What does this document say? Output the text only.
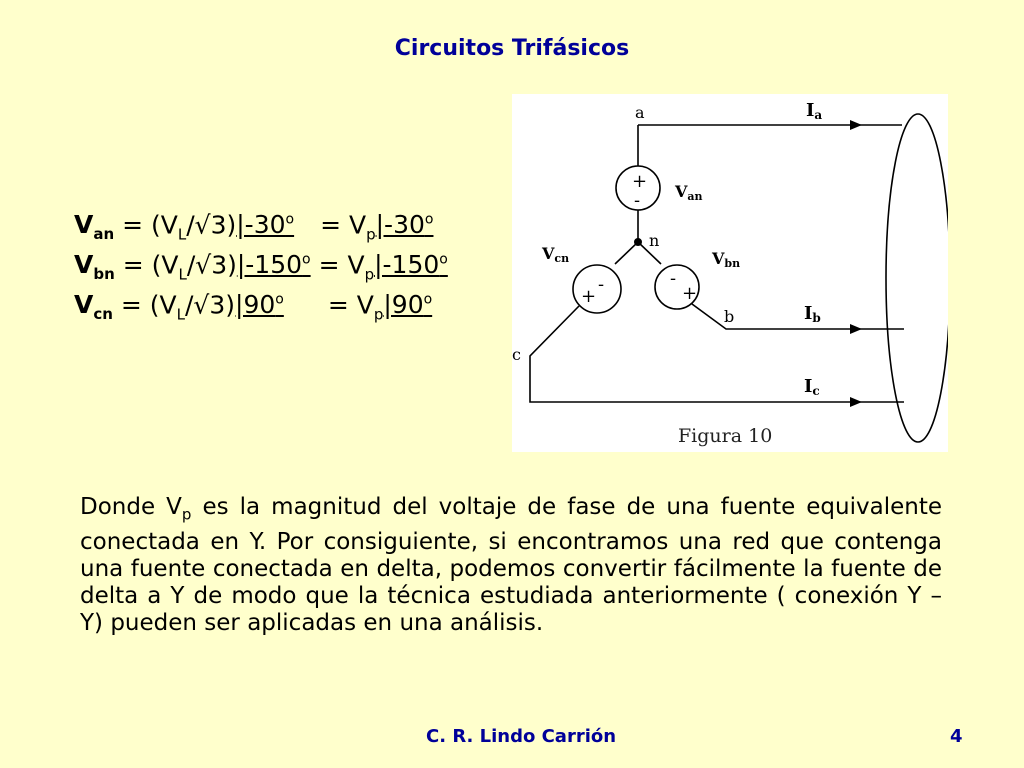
Circuitos Trifásicos
$V_{an} = (V_L/√3)|-30^o = V_p|-30^o$
$V_{bn} = (V_L/√3)|-150^o = V_p|-150^o$
$V_{cn} = (V_L/√3)|90^o = V_p|90^o$
a
n
b
c
+
-
+
-	-
+
Van
Vcn	Vbn
Ia
Ib
Ic
Figura 10
Donde $V_p$ es la magnitud del voltaje de fase de una fuente equivalente conectada en Y. Por consiguiente, si encontramos una red que contenga una fuente conectada en delta, podemos convertir fácilmente la fuente de delta a Y de modo que la técnica estudiada anteriormente ( conexión Y – Y) pueden ser aplicadas en una análisis.
C. R. Lindo Carrión	4
